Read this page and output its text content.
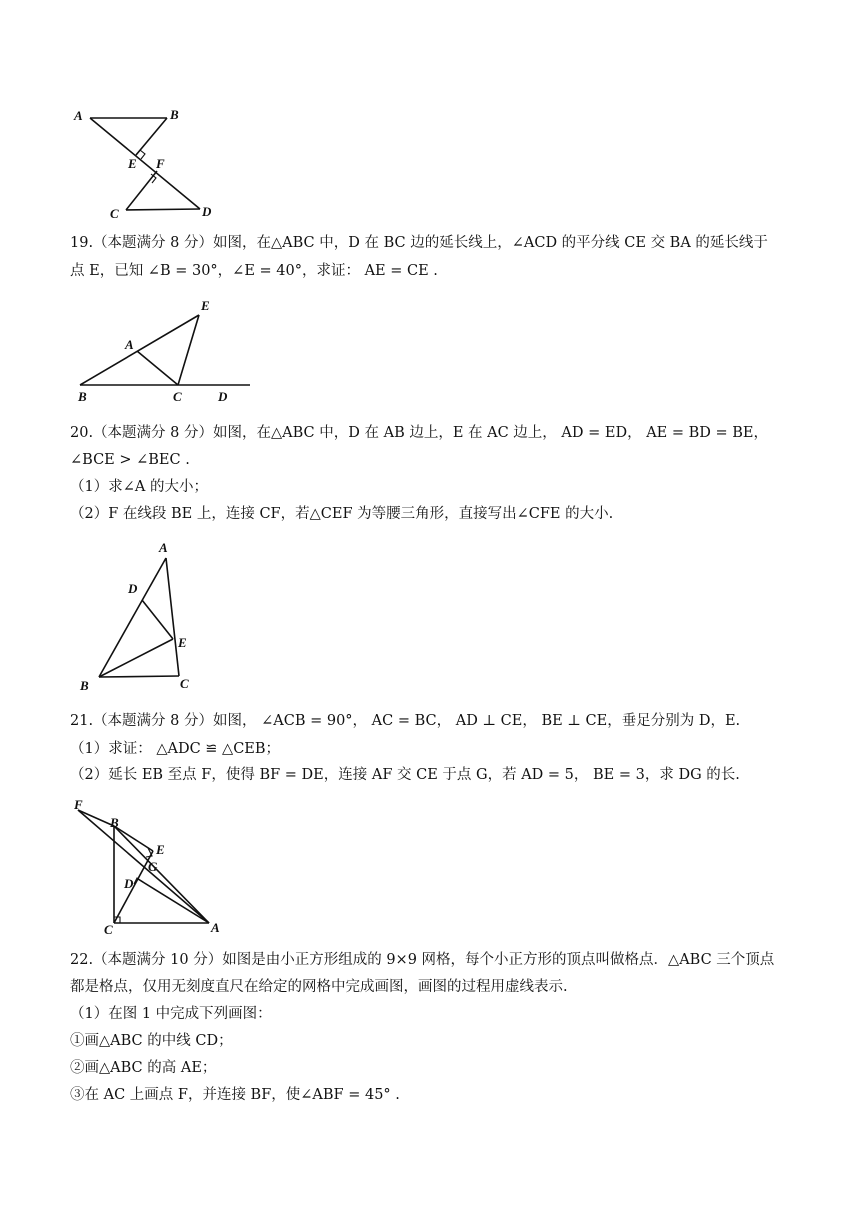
A	B
E F
C	D
19.（本题满分 8 分）如图，在△ABC 中，D 在 BC 边的延长线上，∠ACD 的平分线 CE 交 BA 的延长线于
点 E，已知 ∠B = 30°，∠E = 40°，求证： AE = CE .
E
A
B	C	D
20.（本题满分 8 分）如图，在△ABC 中，D 在 AB 边上，E 在 AC 边上， AD = ED， AE = BD = BE，
∠BCE > ∠BEC .
（1）求∠A 的大小；
（2）F 在线段 BE 上，连接 CF，若△CEF 为等腰三角形，直接写出∠CFE 的大小.
A
D
E
B	C
21.（本题满分 8 分）如图， ∠ACB = 90°， AC = BC， AD ⊥ CE， BE ⊥ CE，垂足分别为 D，E.
（1）求证： △ADC ≌ △CEB；
（2）延长 EB 至点 F，使得 BF = DE，连接 AF 交 CE 于点 G，若 AD = 5， BE = 3，求 DG 的长.
F
B
E
G
D
C	A
22.（本题满分 10 分）如图是由小正方形组成的 9×9 网格，每个小正方形的顶点叫做格点．△ABC 三个顶点
都是格点，仅用无刻度直尺在给定的网格中完成画图，画图的过程用虚线表示.
（1）在图 1 中完成下列画图：
①画△ABC 的中线 CD；
②画△ABC 的高 AE；
③在 AC 上画点 F，并连接 BF，使∠ABF = 45° .
